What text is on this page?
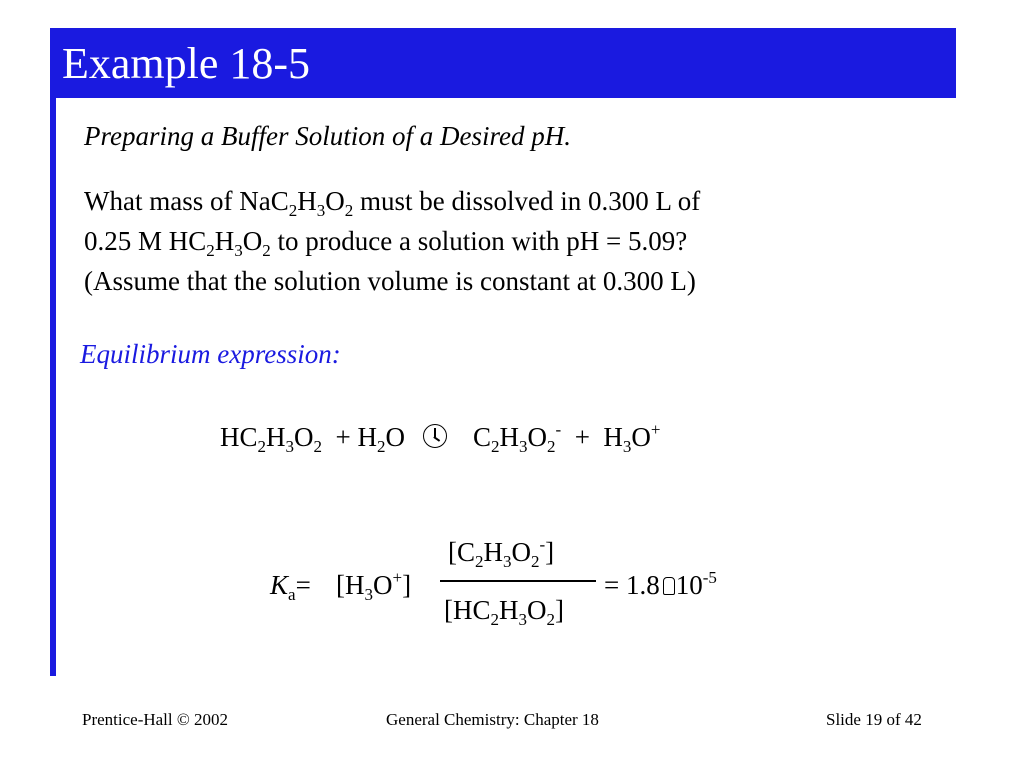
Example 18-5
Preparing a Buffer Solution of a Desired pH.
What mass of $NaC_2H_3O_2$ must be dissolved in 0.300 L of
0.25 M $HC_2H_3O_2$ to produce a solution with pH = 5.09?
(Assume that the solution volume is constant at 0.300 L)
Equilibrium expression:
$HC_2H_3O_2 + H_2O$	$C_2H_3O_2^- + H_3O^+$
$K_a= [H_3O^+]$
$[C_2H_3O_2^-]$
$[HC_2H_3O_2]$
= 1.8 $10^{-5}$
Prentice-Hall © 2002	General Chemistry: Chapter 18	Slide 19 of 42
